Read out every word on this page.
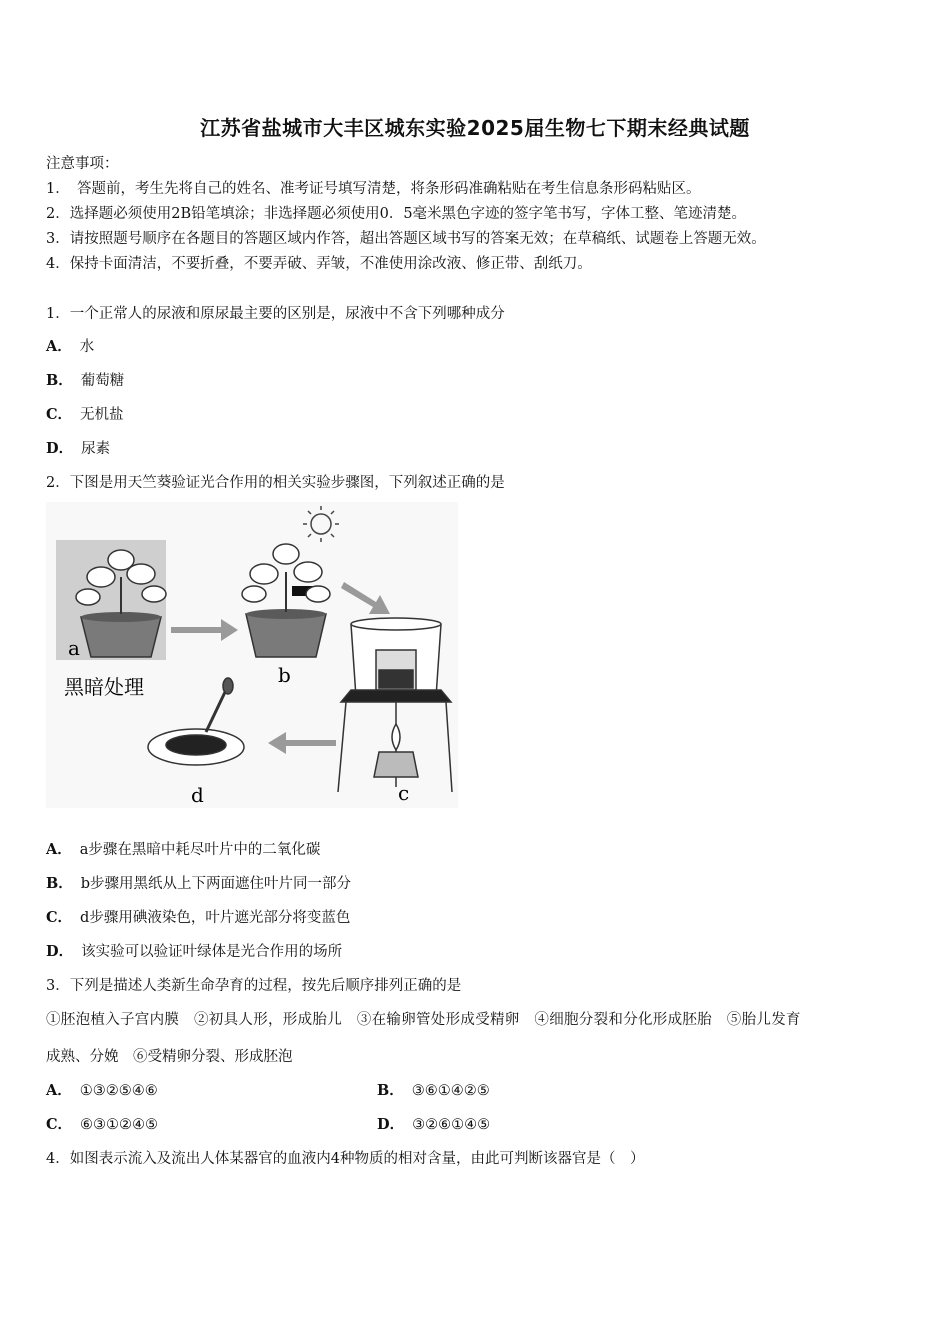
江苏省盐城市大丰区城东实验2025届生物七下期末经典试题
注意事项：
1．　答题前，考生先将自己的姓名、准考证号填写清楚，将条形码准确粘贴在考生信息条形码粘贴区。
2．选择题必须使用2B铅笔填涂；非选择题必须使用0．5毫米黑色字迹的签字笔书写，字体工整、笔迹清楚。
3．请按照题号顺序在各题目的答题区域内作答，超出答题区域书写的答案无效；在草稿纸、试题卷上答题无效。
4．保持卡面清洁，不要折叠，不要弄破、弄皱，不准使用涂改液、修正带、刮纸刀。
1．一个正常人的尿液和原尿最主要的区别是，尿液中不含下列哪种成分
A． 水
B． 葡萄糖
C． 无机盐
D． 尿素
2．下图是用天竺葵验证光合作用的相关实验步骤图，下列叙述正确的是
a
黑暗处理	b
c
d
A． a步骤在黑暗中耗尽叶片中的二氧化碳
B． b步骤用黑纸从上下两面遮住叶片同一部分
C． d步骤用碘液染色，叶片遮光部分将变蓝色
D． 该实验可以验证叶绿体是光合作用的场所
3．下列是描述人类新生命孕育的过程，按先后顺序排列正确的是
①胚泡植入子宫内膜　②初具人形，形成胎儿　③在输卵管处形成受精卵　④细胞分裂和分化形成胚胎　⑤胎儿发育
成熟、分娩　⑥受精卵分裂、形成胚泡
A． ①③②⑤④⑥	B． ③⑥①④②⑤
C． ⑥③①②④⑤	D． ③②⑥①④⑤
4．如图表示流入及流出人体某器官的血液内4种物质的相对含量，由此可判断该器官是（　）
